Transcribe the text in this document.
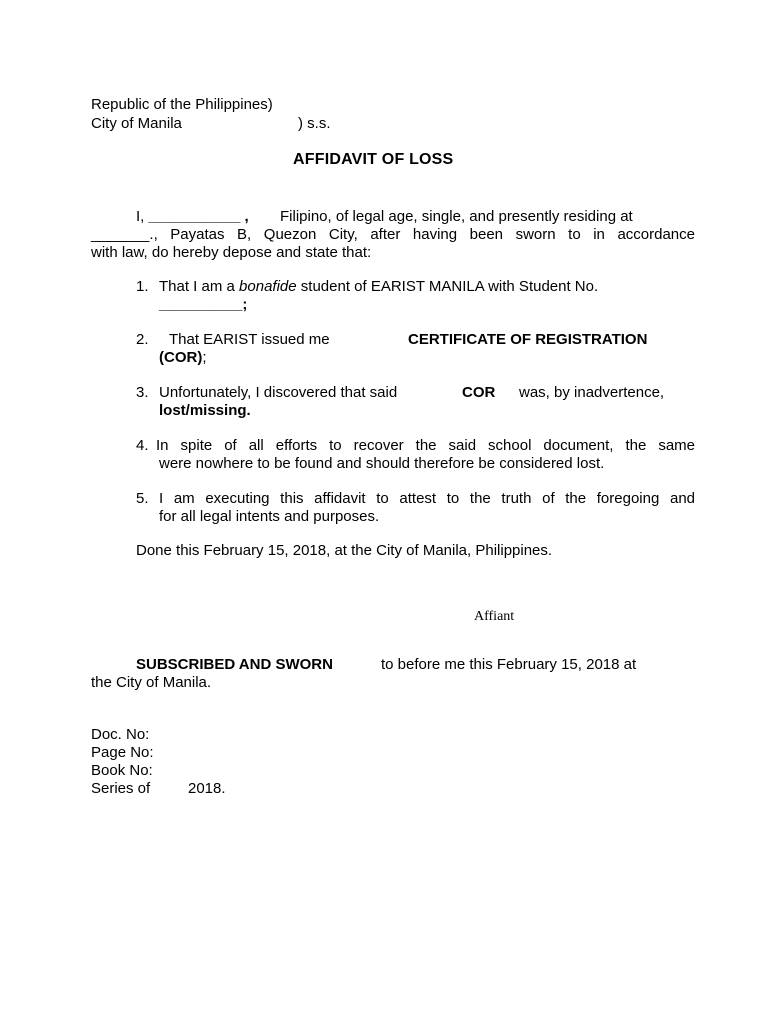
Republic of the Philippines)
City of Manila	) s.s.
AFFIDAVIT OF LOSS
I, ___________ , Filipino, of legal age, single, and presently residing at
_______., Payatas B, Quezon City, after having been sworn to in accordance
with law, do hereby depose and state that:
1. That I am a bonafide student of EARIST MANILA with Student No.
__________;
2. That EARIST issued me	CERTIFICATE OF REGISTRATION
(COR);
3. Unfortunately, I discovered that said	COR was, by inadvertence,
lost/missing.
4. In spite of all efforts to recover the said school document, the same
were nowhere to be found and should therefore be considered lost.
5. I am executing this affidavit to attest to the truth of the foregoing and
for all legal intents and purposes.
Done this February 15, 2018, at the City of Manila, Philippines.
Affiant
SUBSCRIBED AND SWORN	to before me this February 15, 2018 at
the City of Manila.
Doc. No:
Page No:
Book No:
Series of	2018.
